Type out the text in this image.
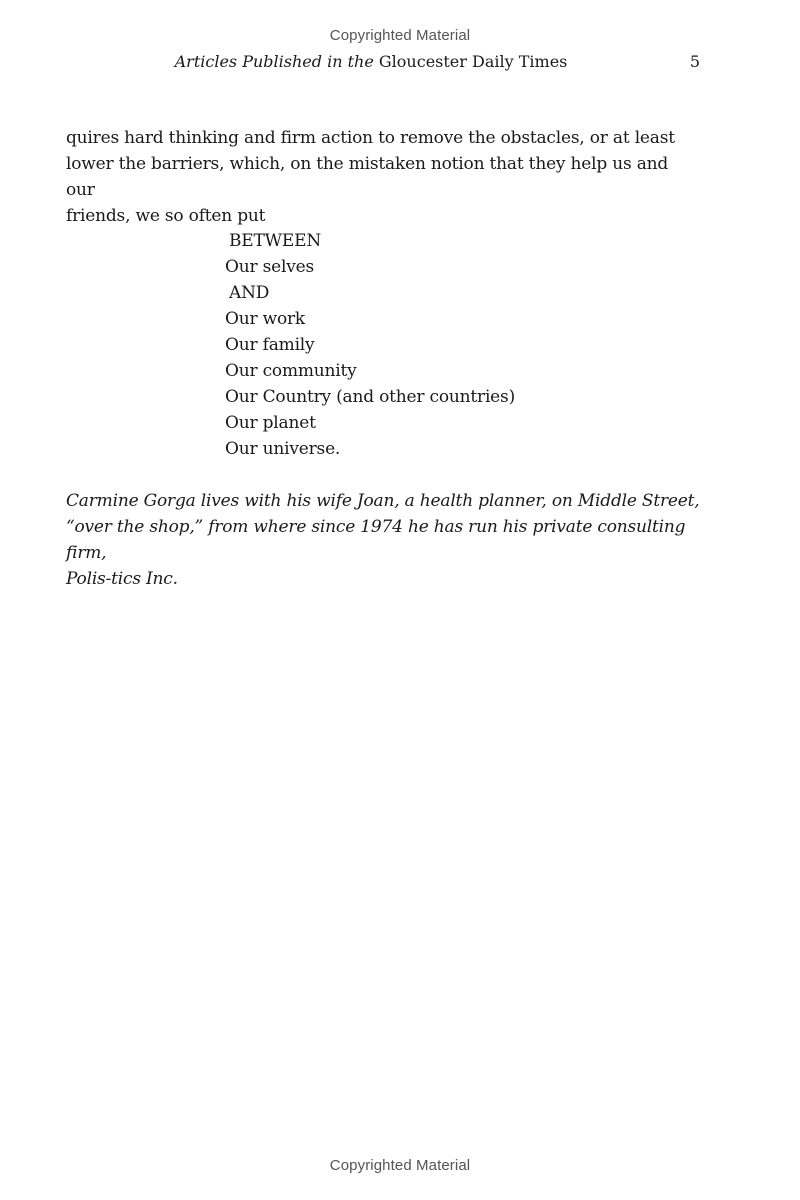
Copyrighted Material
Articles Published in the Gloucester Daily Times	5

quires hard thinking and firm action to remove the obstacles, or at least

lower the barriers, which, on the mistaken notion that they help us and our

friends, we so often put

BETWEEN
Our selves
AND
Our work
Our family
Our community
Our Country (and other countries)
Our planet
Our universe.

Carmine Gorga lives with his wife Joan, a health planner, on Middle Street,

“over the shop,” from where since 1974 he has run his private consulting firm,

Polis-tics Inc.

Copyrighted Material
